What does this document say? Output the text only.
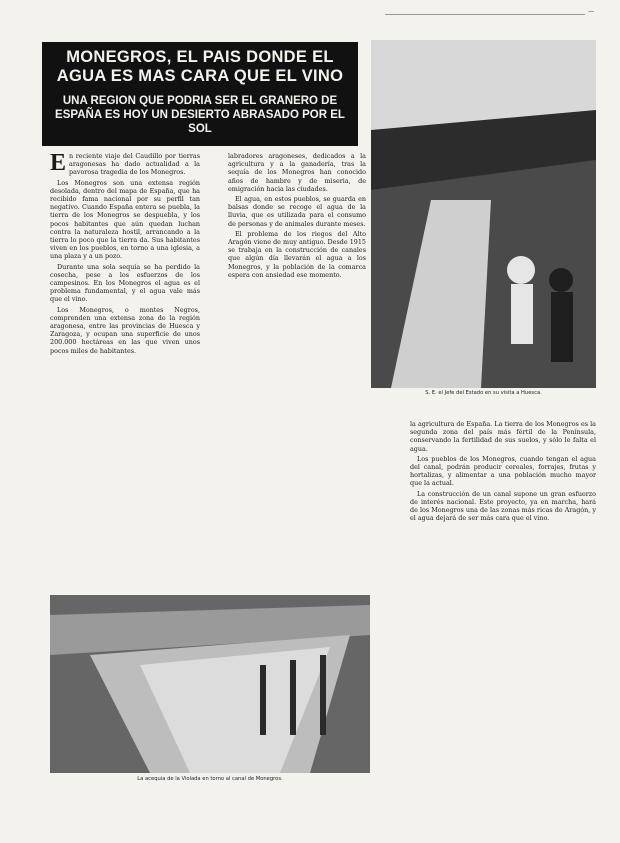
MONEGROS, EL PAIS DONDE EL AGUA ES MAS CARA QUE EL VINO
UNA REGION QUE PODRIA SER EL GRANERO DE ESPAÑA ES HOY UN DESIERTO ABRASADO POR EL SOL
S. E. el Jefe del Estado en su visita a Huesca.
E n reciente viaje del Caudillo por tierras aragonesas ha dado actualidad a la pavorosa tragedia de los Monegros.

Los Monegros son una extensa región desolada, dentro del mapa de España, que ha recibido fama nacional por su perfil tan negativo. Cuando España entera se puebla, la tierra de los Monegros se despuebla, y los pocos habitantes que aún quedan luchan contra la naturaleza hostil, arrancando a la tierra lo poco que la tierra da. Sus habitantes viven en los pueblos, en torno a una iglesia, a una plaza y a un pozo.

Durante una sola sequía se ha perdido la cosecha, pese a los esfuerzos de los campesinos. En los Monegros el agua es el problema fundamental, y el agua vale más que el vino.

Los Monegros, o montes Negros, comprenden una extensa zona de la región aragonesa, entre las provincias de Huesca y Zaragoza, y ocupan una superficie de unos 200.000 hectáreas en las que viven unos pocos miles de habitantes.

labradores aragoneses, dedicados a la agricultura y a la ganadería, tras la sequía de los Monegros han conocido años de hambre y de miseria, de emigración hacia las ciudades.

El agua, en estos pueblos, se guarda en balsas donde se recoge el agua de la lluvia, que es utilizada para el consumo de personas y de animales durante meses.

El problema de los riegos del Alto Aragón viene de muy antiguo. Desde 1915 se trabaja en la construcción de canales que algún día llevarán el agua a los Monegros, y la población de la comarca espera con ansiedad ese momento.

La acequia de la Violada en torno al canal de Monegros.

la agricultura de España. La tierra de los Monegros es la segunda zona del país más fértil de la Península, conservando la fertilidad de sus suelos, y sólo le falta el agua.

Los pueblos de los Monegros, cuando tengan el agua del canal, podrán producir cereales, forrajes, frutas y hortalizas, y alimentar a una población mucho mayor que la actual.

La construcción de un canal supone un gran esfuerzo de interés nacional. Este proyecto, ya en marcha, hará de los Monegros una de las zonas más ricas de Aragón, y el agua dejará de ser más cara que el vino.

—
